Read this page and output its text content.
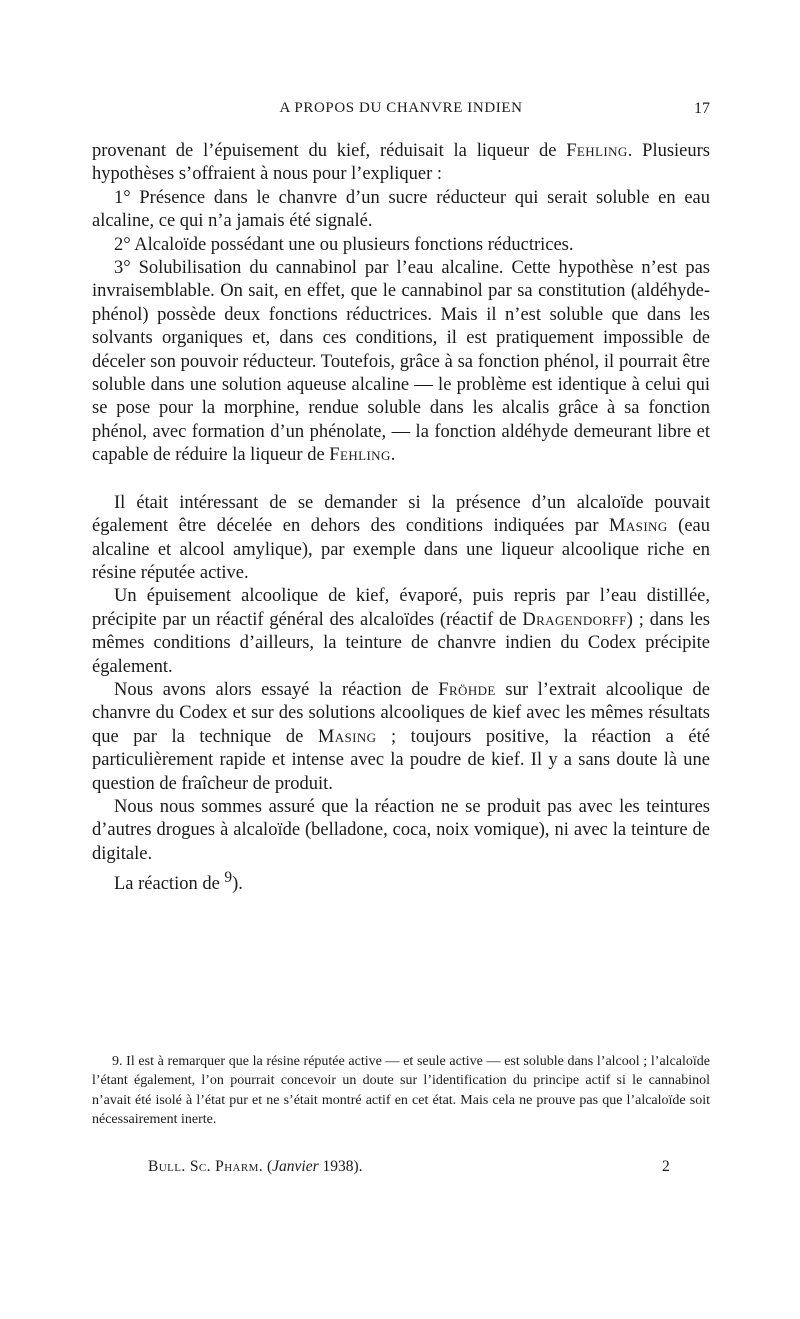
A PROPOS DU CHANVRE INDIEN	17

provenant de l’épuisement du kief, réduisait la liqueur de Fehling. Plusieurs hypothèses s’offraient à nous pour l’expliquer :

1° Présence dans le chanvre d’un sucre réducteur qui serait soluble en eau alcaline, ce qui n’a jamais été signalé.

2° Alcaloïde possédant une ou plusieurs fonctions réductrices.

3° Solubilisation du cannabinol par l’eau alcaline. Cette hypothèse n’est pas invraisemblable. On sait, en effet, que le cannabinol par sa constitution (aldéhyde-phénol) possède deux fonctions réductrices. Mais il n’est soluble que dans les solvants organiques et, dans ces conditions, il est pratiquement impossible de déceler son pouvoir réducteur. Toutefois, grâce à sa fonction phénol, il pourrait être soluble dans une solution aqueuse alcaline — le problème est identique à celui qui se pose pour la morphine, rendue soluble dans les alcalis grâce à sa fonction phénol, avec formation d’un phénolate, — la fonction aldéhyde demeurant libre et capable de réduire la liqueur de Fehling.

Il était intéressant de se demander si la présence d’un alcaloïde pouvait également être décelée en dehors des conditions indiquées par Masing (eau alcaline et alcool amylique), par exemple dans une liqueur alcoolique riche en résine réputée active.

Un épuisement alcoolique de kief, évaporé, puis repris par l’eau distillée, précipite par un réactif général des alcaloïdes (réactif de Dragendorff) ; dans les mêmes conditions d’ailleurs, la teinture de chanvre indien du Codex précipite également.

Nous avons alors essayé la réaction de Fröhde sur l’extrait alcoolique de chanvre du Codex et sur des solutions alcooliques de kief avec les mêmes résultats que par la technique de Masing ; toujours positive, la réaction a été particulièrement rapide et intense avec la poudre de kief. Il y a sans doute là une question de fraîcheur de produit.

Nous nous sommes assuré que la réaction ne se produit pas avec les teintures d’autres drogues à alcaloïde (belladone, coca, noix vomique), ni avec la teinture de digitale.

La réaction de $^9$).

9. Il est à remarquer que la résine réputée active — et seule active — est soluble dans l’alcool ; l’alcaloïde l’étant également, l’on pourrait concevoir un doute sur l’identification du principe actif si le cannabinol n’avait été isolé à l’état pur et ne s’était montré actif en cet état. Mais cela ne prouve pas que l’alcaloïde soit nécessairement inerte.

Bull. Sc. Pharm. (Janvier 1938).	2
